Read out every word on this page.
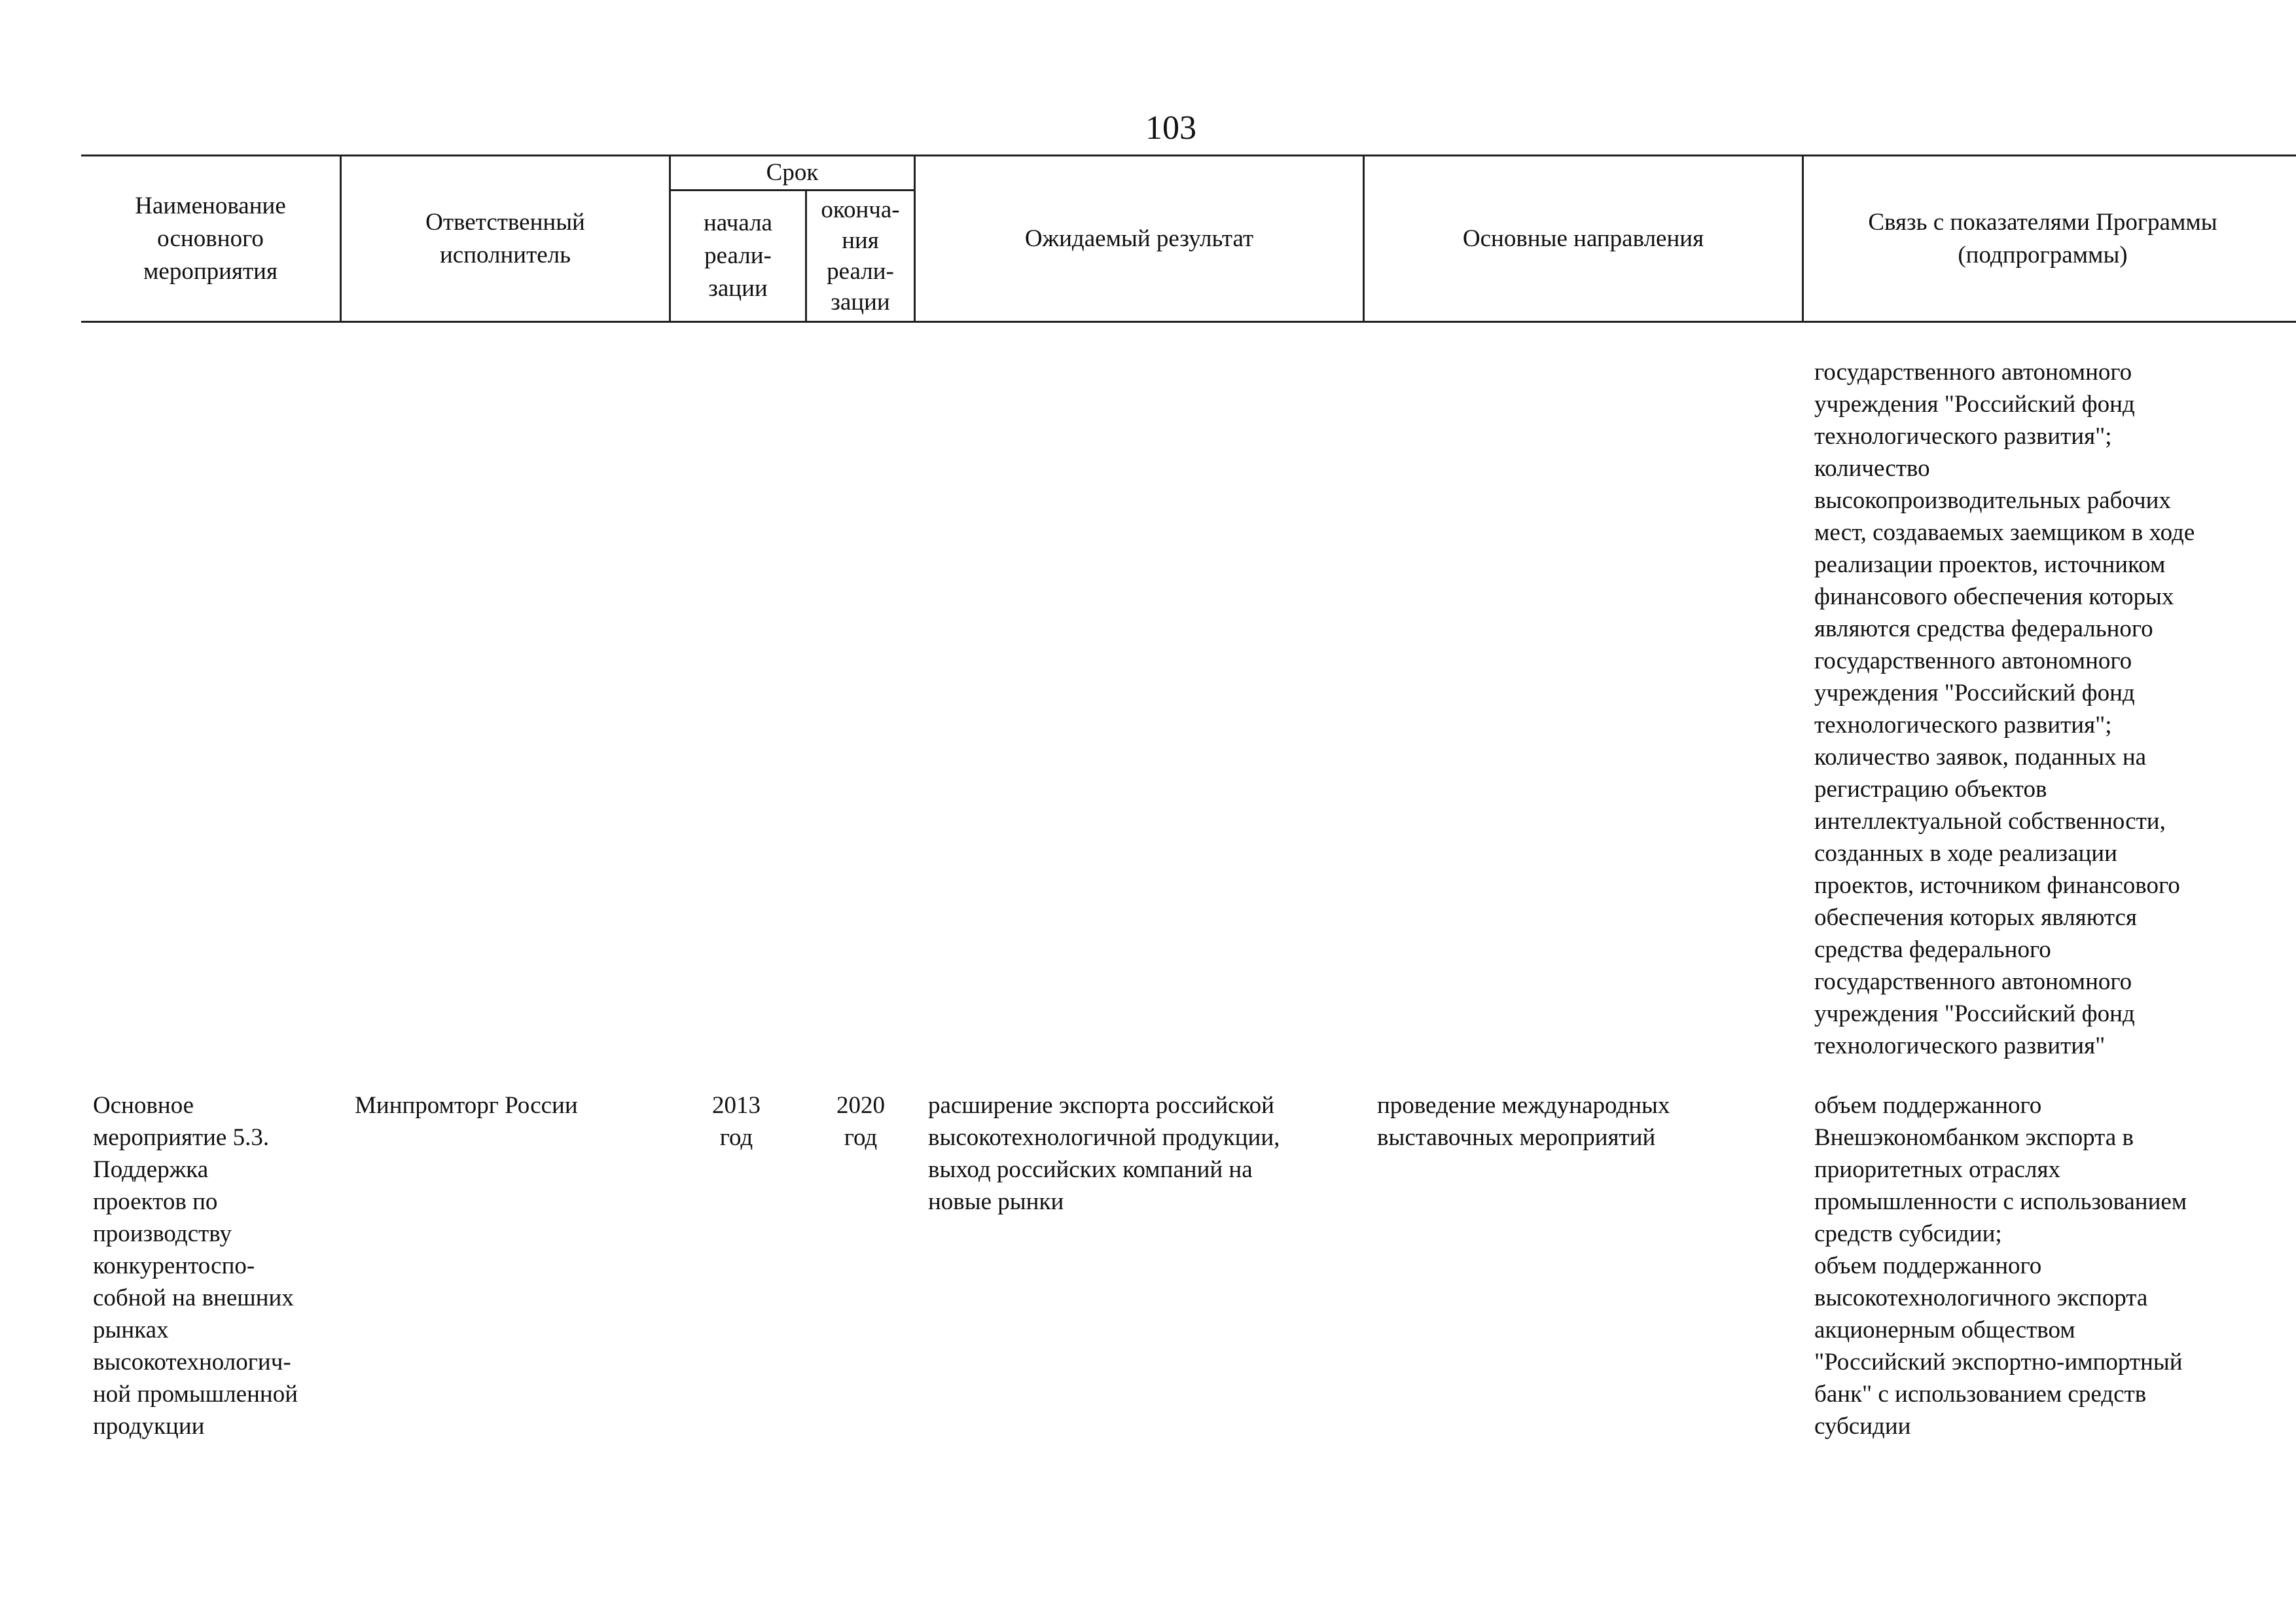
103
Наименование
основного
мероприятия
Ответственный
исполнитель
Срок
начала
реали-
зации
оконча-
ния
реали-
зации
Ожидаемый результат	Основные направления
Связь с показателями Программы
(подпрограммы)
государственного автономного
учреждения "Российский фонд
технологического развития";
количество
высокопроизводительных рабочих
мест, создаваемых заемщиком в ходе
реализации проектов, источником
финансового обеспечения которых
являются средства федерального
государственного автономного
учреждения "Российский фонд
технологического развития";
количество заявок, поданных на
регистрацию объектов
интеллектуальной собственности,
созданных в ходе реализации
проектов, источником финансового
обеспечения которых являются
средства федерального
государственного автономного
учреждения "Российский фонд
технологического развития"
Основное
мероприятие 5.3.
Поддержка
проектов по
производству
конкурентоспо-
собной на внешних
рынках
высокотехнологич-
ной промышленной
продукции
Минпромторг России	2013
год
2020
год
расширение экспорта российской
высокотехнологичной продукции,
выход российских компаний на
новые рынки
проведение международных
выставочных мероприятий
объем поддержанного
Внешэкономбанком экспорта в
приоритетных отраслях
промышленности с использованием
средств субсидии;
объем поддержанного
высокотехнологичного экспорта
акционерным обществом
"Российский экспортно-импортный
банк" с использованием средств
субсидии
